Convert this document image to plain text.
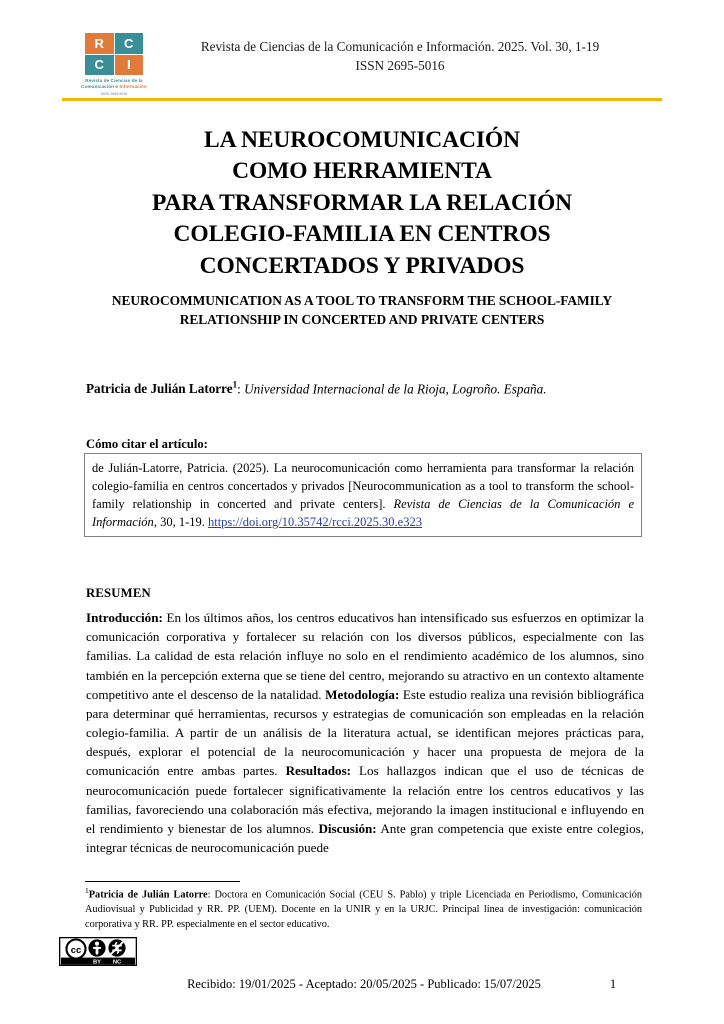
R	C
C	I
Revista de Ciencias de la
Comunicación e Información
ISSN 2695-5016
Revista de Ciencias de la Comunicación e Información. 2025. Vol. 30, 1-19
ISSN 2695-5016
LA NEUROCOMUNICACIÓN
COMO HERRAMIENTA
PARA TRANSFORMAR LA RELACIÓN
COLEGIO-FAMILIA EN CENTROS
CONCERTADOS Y PRIVADOS
NEUROCOMMUNICATION AS A TOOL TO TRANSFORM THE SCHOOL-FAMILY
RELATIONSHIP IN CONCERTED AND PRIVATE CENTERS
Patricia de Julián Latorre$^1$: Universidad Internacional de la Rioja, Logroño. España.
Cómo citar el artículo:
de Julián-Latorre, Patricia. (2025). La neurocomunicación como herramienta para transformar la relación colegio-familia en centros concertados y privados [Neurocommunication as a tool to transform the school-family relationship in concerted and private centers]. Revista de Ciencias de la Comunicación e Información, 30, 1-19. https://doi.org/10.35742/rcci.2025.30.e323
RESUMEN
Introducción: En los últimos años, los centros educativos han intensificado sus esfuerzos en optimizar la comunicación corporativa y fortalecer su relación con los diversos públicos, especialmente con las familias. La calidad de esta relación influye no solo en el rendimiento académico de los alumnos, sino también en la percepción externa que se tiene del centro, mejorando su atractivo en un contexto altamente competitivo ante el descenso de la natalidad. Metodología: Este estudio realiza una revisión bibliográfica para determinar qué herramientas, recursos y estrategias de comunicación son empleadas en la relación colegio-familia. A partir de un análisis de la literatura actual, se identifican mejores prácticas para, después, explorar el potencial de la neurocomunicación y hacer una propuesta de mejora de la comunicación entre ambas partes. Resultados: Los hallazgos indican que el uso de técnicas de neurocomunicación puede fortalecer significativamente la relación entre los centros educativos y las familias, favoreciendo una colaboración más efectiva, mejorando la imagen institucional e influyendo en el rendimiento y bienestar de los alumnos. Discusión: Ante gran competencia que existe entre colegios, integrar técnicas de neurocomunicación puede
$^1$Patricia de Julián Latorre: Doctora en Comunicación Social (CEU S. Pablo) y triple Licenciada en Periodismo, Comunicación Audiovisual y Publicidad y RR. PP. (UEM). Docente en la UNIR y en la URJC. Principal línea de investigación: comunicación corporativa y RR. PP. especialmente en el sector educativo.
cc
BY NC
Recibido: 19/01/2025 - Aceptado: 20/05/2025 - Publicado: 15/07/2025	1
